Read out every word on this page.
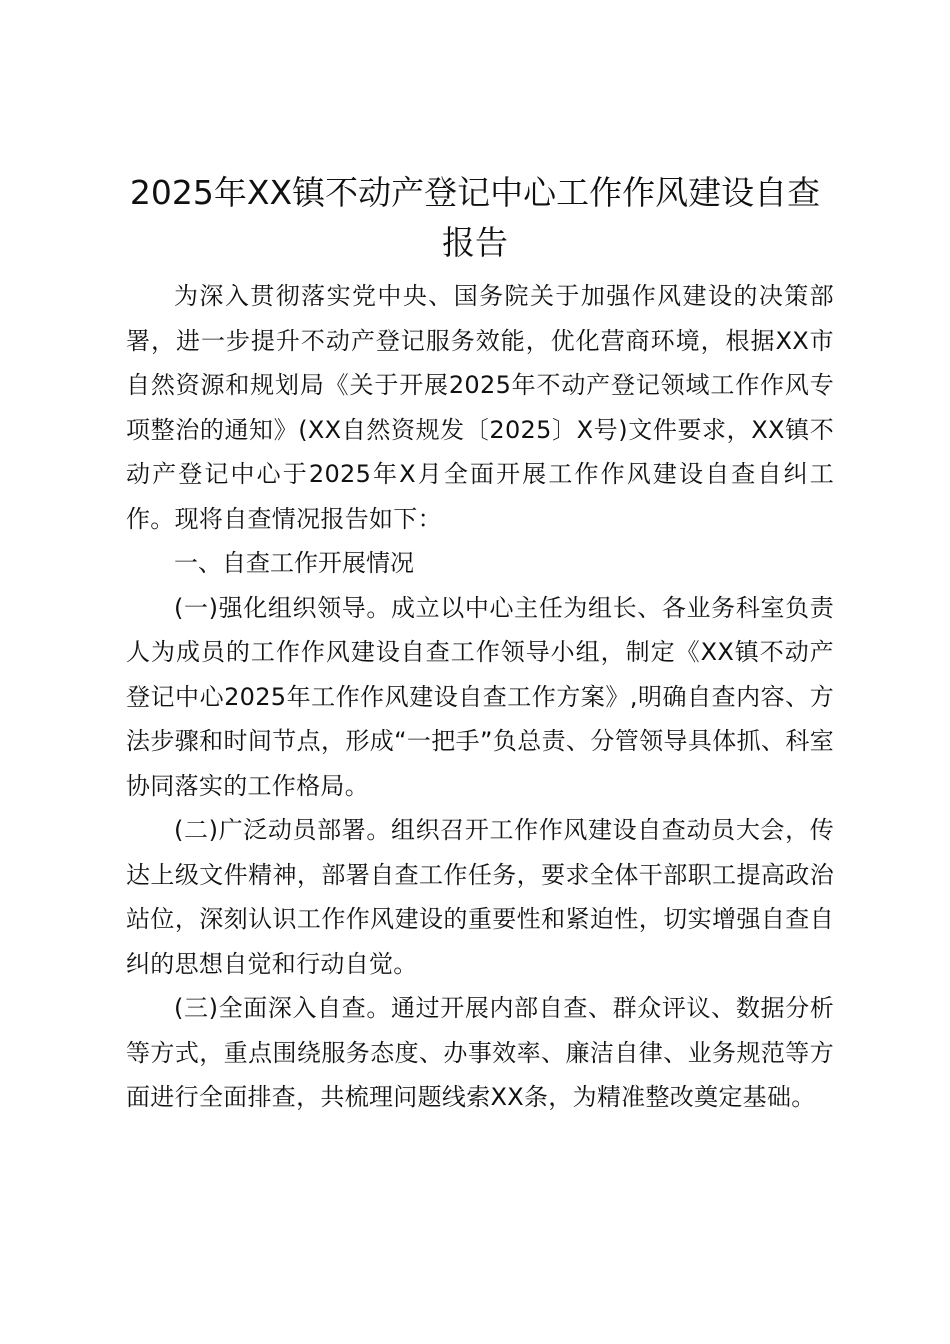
2025年XX镇不动产登记中心工作作风建设自查报告

为深入贯彻落实党中央、国务院关于加强作风建设的决策部署，进一步提升不动产登记服务效能，优化营商环境，根据XX市自然资源和规划局《关于开展2025年不动产登记领域工作作风专项整治的通知》(XX自然资规发〔2025〕X号)文件要求，XX镇不动产登记中心于2025年X月全面开展工作作风建设自查自纠工作。现将自查情况报告如下：

一、自查工作开展情况

(一)强化组织领导。成立以中心主任为组长、各业务科室负责人为成员的工作作风建设自查工作领导小组，制定《XX镇不动产登记中心2025年工作作风建设自查工作方案》,明确自查内容、方法步骤和时间节点，形成“一把手”负总责、分管领导具体抓、科室协同落实的工作格局。

(二)广泛动员部署。组织召开工作作风建设自查动员大会，传达上级文件精神，部署自查工作任务，要求全体干部职工提高政治站位，深刻认识工作作风建设的重要性和紧迫性，切实增强自查自纠的思想自觉和行动自觉。

(三)全面深入自查。通过开展内部自查、群众评议、数据分析等方式，重点围绕服务态度、办事效率、廉洁自律、业务规范等方面进行全面排查，共梳理问题线索XX条，为精准整改奠定基础。
